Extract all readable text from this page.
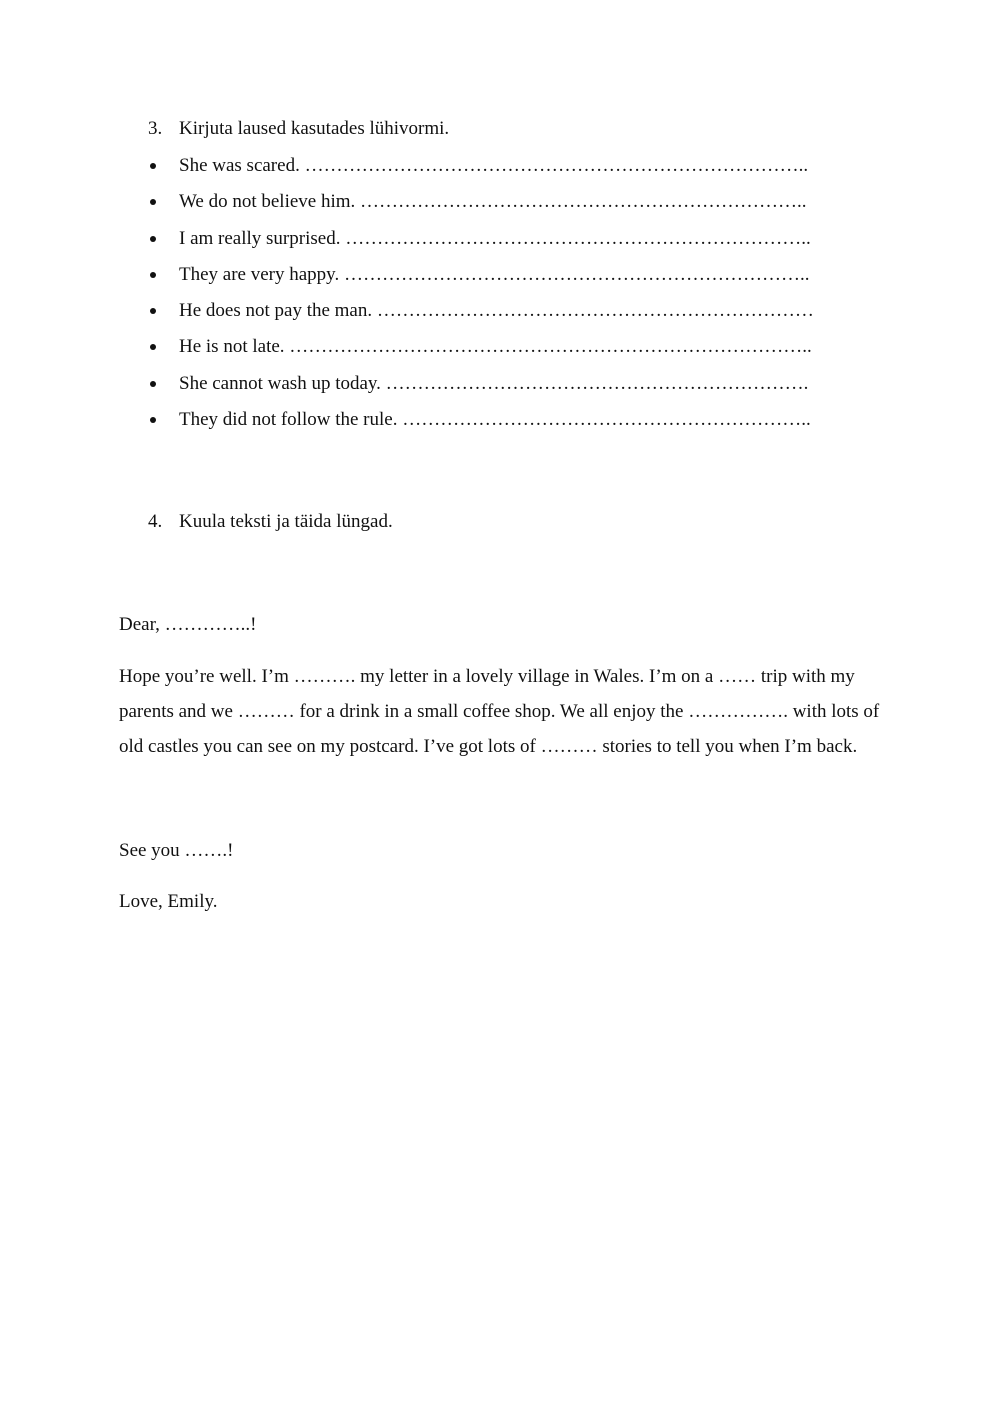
3. Kirjuta laused kasutades lühivormi.
She was scared. ……………………………………………………………………..
We do not believe him. ……………………………………………………………..
I am really surprised. ………………………………………………………………..
They are very happy. ………………………………………………………………..
He does not pay the man. ……………………………………………………………
He is not late. ………………………………………………………………………..
She cannot wash up today. ………………………………………………………….
They did not follow the rule. ………………………………………………………..
4. Kuula teksti ja täida lüngad.

Dear, …………..!

Hope you’re well. I’m ………. my letter in a lovely village in Wales. I’m on a …… trip with my parents and we ……… for a drink in a small coffee shop. We all enjoy the ……………. with lots of old castles you can see on my postcard. I’ve got lots of ……… stories to tell you when I’m back.

See you …….!

Love, Emily.
